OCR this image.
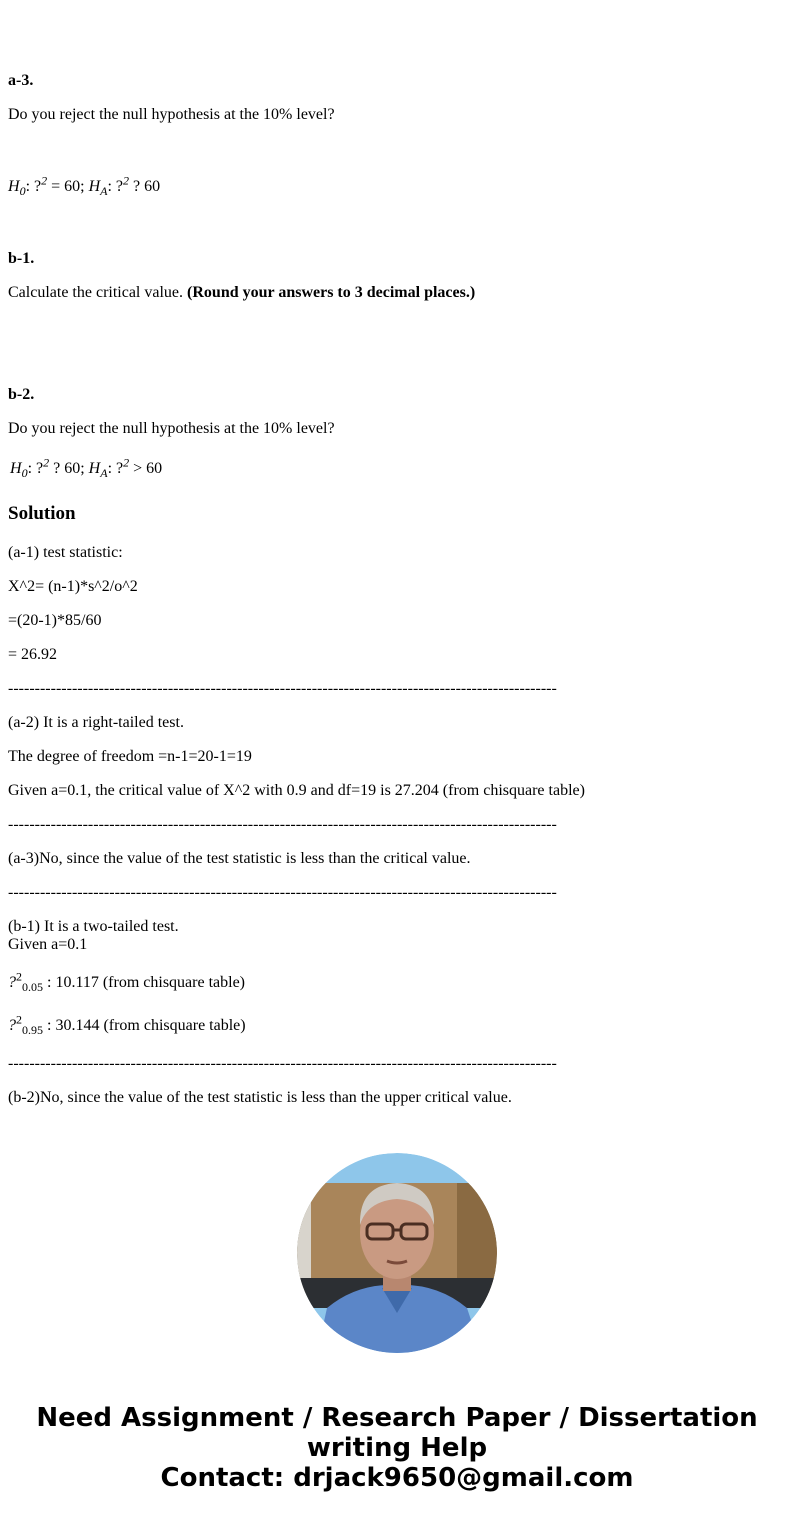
a-3.
Do you reject the null hypothesis at the 10% level?
$H_0$: ?$^2$ = 60; $H_A$: ?$^2$ ? 60
b-1.
Calculate the critical value. (Round your answers to 3 decimal places.)
b-2.
Do you reject the null hypothesis at the 10% level?
$H_0$: ?$^2$ ? 60; $H_A$: ?$^2$ > 60
Solution
(a-1) test statistic:
X^2= (n-1)*s^2/o^2
=(20-1)*85/60
= 26.92
-------------------------------------------------------------------------------------------------------
(a-2) It is a right-tailed test.
The degree of freedom =n-1=20-1=19
Given a=0.1, the critical value of X^2 with 0.9 and df=19 is 27.204 (from chisquare table)
-------------------------------------------------------------------------------------------------------
(a-3)No, since the value of the test statistic is less than the critical value.
-------------------------------------------------------------------------------------------------------
(b-1) It is a two-tailed test.
Given a=0.1
?$^2_{0.05}$ : 10.117 (from chisquare table)
?$^2_{0.95}$ : 30.144 (from chisquare table)
-------------------------------------------------------------------------------------------------------
(b-2)No, since the value of the test statistic is less than the upper critical value.
Need Assignment / Research Paper / Dissertation
writing Help
Contact: drjack9650@gmail.com
